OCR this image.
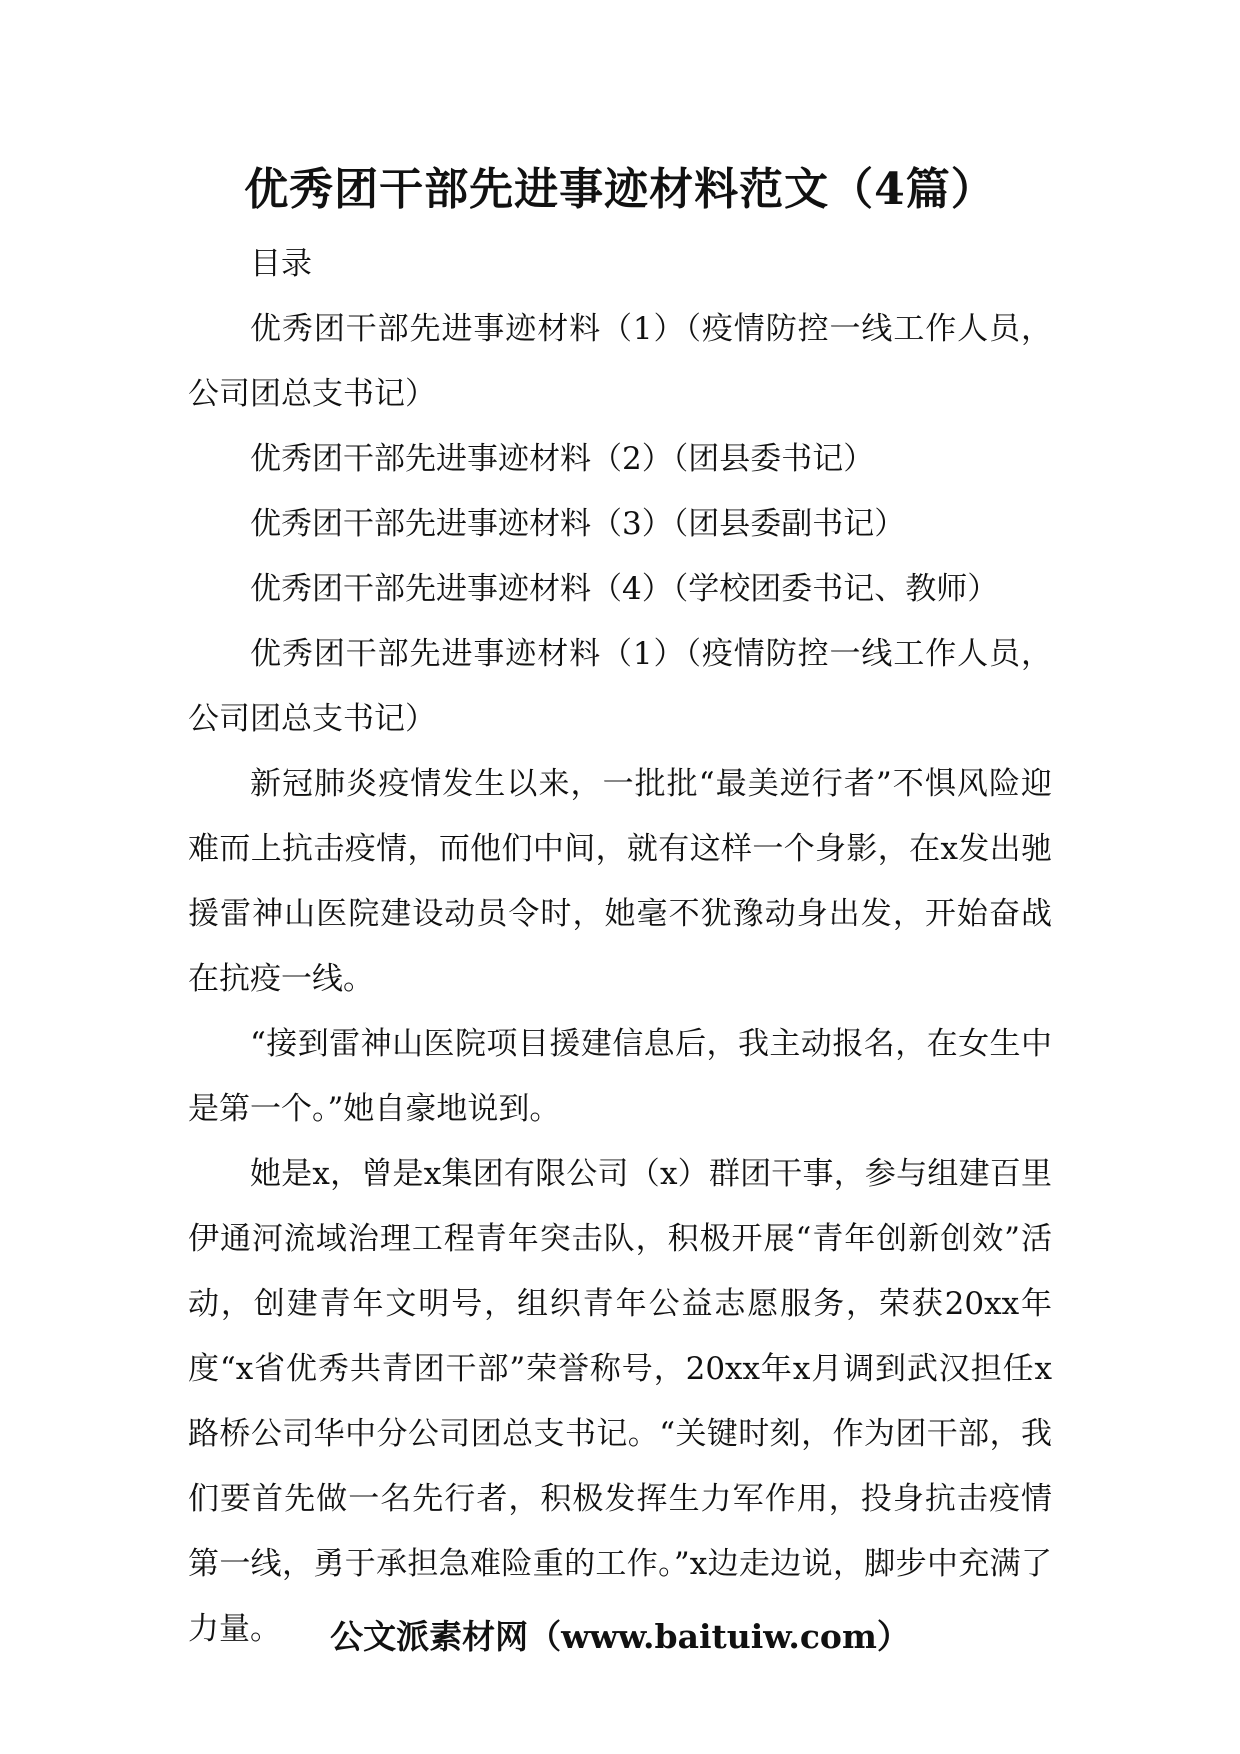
优秀团干部先进事迹材料范文（4篇）

目录

优秀团干部先进事迹材料（1）（疫情防控一线工作人员，公司团总支书记）

优秀团干部先进事迹材料（2）（团县委书记）

优秀团干部先进事迹材料（3）（团县委副书记）

优秀团干部先进事迹材料（4）（学校团委书记、教师）

优秀团干部先进事迹材料（1）（疫情防控一线工作人员，公司团总支书记）

新冠肺炎疫情发生以来，一批批“最美逆行者”不惧风险迎难而上抗击疫情，而他们中间，就有这样一个身影，在x发出驰援雷神山医院建设动员令时，她毫不犹豫动身出发，开始奋战在抗疫一线。

“接到雷神山医院项目援建信息后，我主动报名，在女生中是第一个。”她自豪地说到。

她是x，曾是x集团有限公司（x）群团干事，参与组建百里伊通河流域治理工程青年突击队，积极开展“青年创新创效”活动，创建青年文明号，组织青年公益志愿服务，荣获20xx年度“x省优秀共青团干部”荣誉称号，20xx年x月调到武汉担任x路桥公司华中分公司团总支书记。“关键时刻，作为团干部，我们要首先做一名先行者，积极发挥生力军作用，投身抗击疫情第一线，勇于承担急难险重的工作。”x边走边说，脚步中充满了力量。	公文派素材网（www.baituiw.com）
